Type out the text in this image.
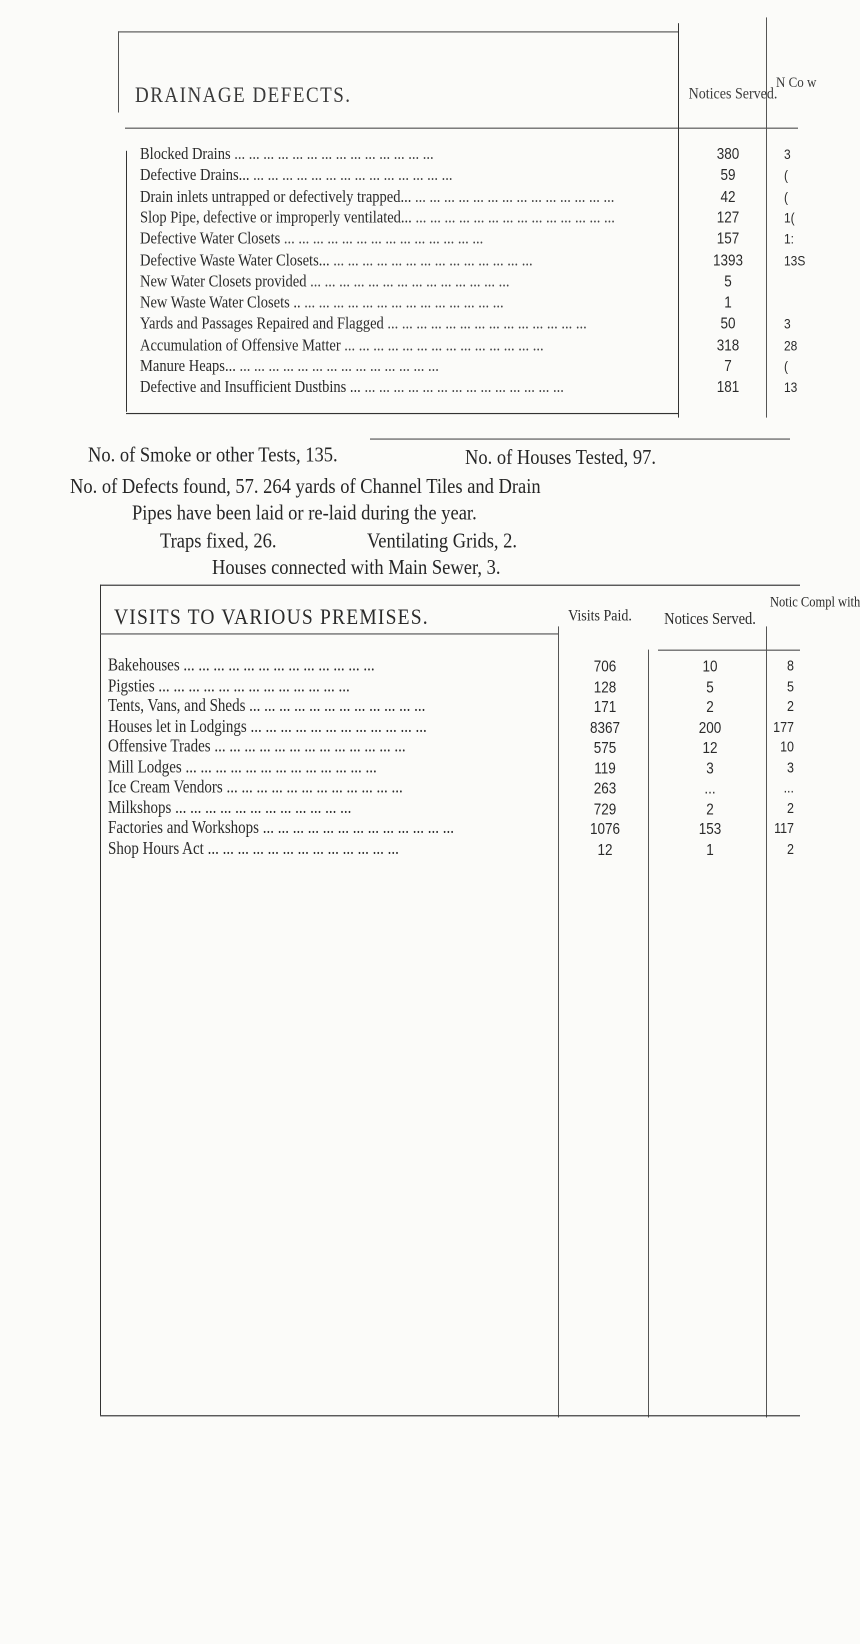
DRAINAGE DEFECTS.	Notices Served.
N Co w
Blocked Drains ... ... ... ... ... ... ... ... ... ... ... ... ... ...	380	3
Defective Drains... ... ... ... ... ... ... ... ... ... ... ... ... ... ...	59	(
Drain inlets untrapped or defectively trapped... ... ... ... ... ... ... ... ... ... ... ... ... ... ...	42	(
Slop Pipe, defective or improperly ventilated... ... ... ... ... ... ... ... ... ... ... ... ... ... ...	127	1(
Defective Water Closets ... ... ... ... ... ... ... ... ... ... ... ... ... ...	157	1:
Defective Waste Water Closets... ... ... ... ... ... ... ... ... ... ... ... ... ... ...	1393	13S
New Water Closets provided ... ... ... ... ... ... ... ... ... ... ... ... ... ...	5
New Waste Water Closets .. ... ... ... ... ... ... ... ... ... ... ... ... ... ...	1
Yards and Passages Repaired and Flagged ... ... ... ... ... ... ... ... ... ... ... ... ... ...	50	3
Accumulation of Offensive Matter ... ... ... ... ... ... ... ... ... ... ... ... ... ...	318	28
Manure Heaps... ... ... ... ... ... ... ... ... ... ... ... ... ... ...	7	(
Defective and Insufficient Dustbins ... ... ... ... ... ... ... ... ... ... ... ... ... ... ...	181	13
No. of Smoke or other Tests, 135.	No. of Houses Tested, 97.
No. of Defects found, 57. 264 yards of Channel Tiles and Drain
Pipes have been laid or re-laid during the year.
Traps fixed, 26.	Ventilating Grids, 2.
Houses connected with Main Sewer, 3.
VISITS TO VARIOUS PREMISES.	Visits Paid.	Notices Served.
Notic Compl with
Bakehouses ... ... ... ... ... ... ... ... ... ... ... ... ...	706	10	8
Pigsties ... ... ... ... ... ... ... ... ... ... ... ... ...	128	5	5
Tents, Vans, and Sheds ... ... ... ... ... ... ... ... ... ... ... ...	171	2	2
Houses let in Lodgings ... ... ... ... ... ... ... ... ... ... ... ...	8367	200	177
Offensive Trades ... ... ... ... ... ... ... ... ... ... ... ... ...	575	12	10
Mill Lodges ... ... ... ... ... ... ... ... ... ... ... ... ...	119	3	3
Ice Cream Vendors ... ... ... ... ... ... ... ... ... ... ... ...	263	...	...
Milkshops ... ... ... ... ... ... ... ... ... ... ... ...	729	2	2
Factories and Workshops ... ... ... ... ... ... ... ... ... ... ... ... ...	1076	153	117
Shop Hours Act ... ... ... ... ... ... ... ... ... ... ... ... ...	12	1	2
